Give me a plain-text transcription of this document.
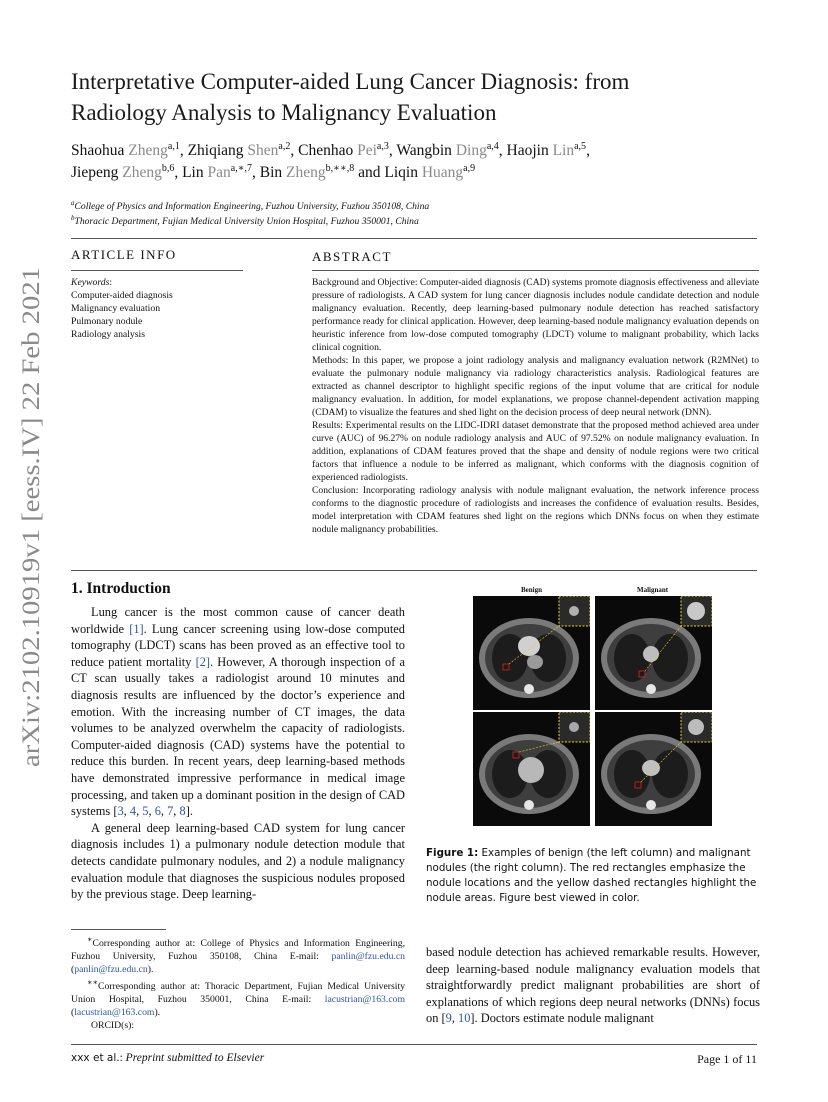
arXiv:2102.10919v1 [eess.IV] 22 Feb 2021
Interpretative Computer-aided Lung Cancer Diagnosis: from
Radiology Analysis to Malignancy Evaluation
Shaohua Zheng$^{a,1}$, Zhiqiang Shen$^{a,2}$, Chenhao Pei$^{a,3}$, Wangbin Ding$^{a,4}$, Haojin Lin$^{a,5}$,
Jiepeng Zheng$^{b,6}$, Lin Pan$^{a,∗,7}$, Bin Zheng$^{b,∗∗,8}$ and Liqin Huang$^{a,9}$
$^a$College of Physics and Information Engineering, Fuzhou University, Fuzhou 350108, China
$^b$Thoracic Department, Fujian Medical University Union Hospital, Fuzhou 350001, China
ARTICLE INFO
Keywords:
Computer-aided diagnosis
Malignancy evaluation
Pulmonary nodule
Radiology analysis
ABSTRACT

Background and Objective: Computer-aided diagnosis (CAD) systems promote diagnosis effectiveness and alleviate pressure of radiologists. A CAD system for lung cancer diagnosis includes nodule candidate detection and nodule malignancy evaluation. Recently, deep learning-based pulmonary nodule detection has reached satisfactory performance ready for clinical application. However, deep learning-based nodule malignancy evaluation depends on heuristic inference from low-dose computed tomography (LDCT) volume to malignant probability, which lacks clinical cognition.

Methods: In this paper, we propose a joint radiology analysis and malignancy evaluation network (R2MNet) to evaluate the pulmonary nodule malignancy via radiology characteristics analysis. Radiological features are extracted as channel descriptor to highlight specific regions of the input volume that are critical for nodule malignancy evaluation. In addition, for model explanations, we propose channel-dependent activation mapping (CDAM) to visualize the features and shed light on the decision process of deep neural network (DNN).

Results: Experimental results on the LIDC-IDRI dataset demonstrate that the proposed method achieved area under curve (AUC) of 96.27% on nodule radiology analysis and AUC of 97.52% on nodule malignancy evaluation. In addition, explanations of CDAM features proved that the shape and density of nodule regions were two critical factors that influence a nodule to be inferred as malignant, which conforms with the diagnosis cognition of experienced radiologists.

Conclusion: Incorporating radiology analysis with nodule malignant evaluation, the network inference process conforms to the diagnostic procedure of radiologists and increases the confidence of evaluation results. Besides, model interpretation with CDAM features shed light on the regions which DNNs focus on when they estimate nodule malignancy probabilities.

1. Introduction

Lung cancer is the most common cause of cancer death worldwide [1]. Lung cancer screening using low-dose computed tomography (LDCT) scans has been proved as an effective tool to reduce patient mortality [2]. However, A thorough inspection of a CT scan usually takes a radiologist around 10 minutes and diagnosis results are influenced by the doctor’s experience and emotion. With the increasing number of CT images, the data volumes to be analyzed overwhelm the capacity of radiologists. Computer-aided diagnosis (CAD) systems have the potential to reduce this burden. In recent years, deep learning-based methods have demonstrated impressive performance in medical image processing, and taken up a dominant position in the design of CAD systems [3, 4, 5, 6, 7, 8].

A general deep learning-based CAD system for lung cancer diagnosis includes 1) a pulmonary nodule detection module that detects candidate pulmonary nodules, and 2) a nodule malignancy evaluation module that diagnoses the suspicious nodules proposed by the previous stage. Deep learning-

∗Corresponding author at: College of Physics and Information Engineering, Fuzhou University, Fuzhou 350108, China E-mail: panlin@fzu.edu.cn (panlin@fzu.edu.cn).

∗∗Corresponding author at: Thoracic Department, Fujian Medical University Union Hospital, Fuzhou 350001, China E-mail: lacustrian@163.com (lacustrian@163.com).

ORCID(s):

Benign	Malignant
Figure 1: Examples of benign (the left column) and malignant nodules (the right column). The red rectangles emphasize the nodule locations and the yellow dashed rectangles highlight the nodule areas. Figure best viewed in color.
based nodule detection has achieved remarkable results. However, deep learning-based nodule malignancy evaluation models that straightforwardly predict malignant probabilities are short of explanations of which regions deep neural networks (DNNs) focus on [9, 10]. Doctors estimate nodule malignant
xxx et al.: Preprint submitted to Elsevier	Page 1 of 11
